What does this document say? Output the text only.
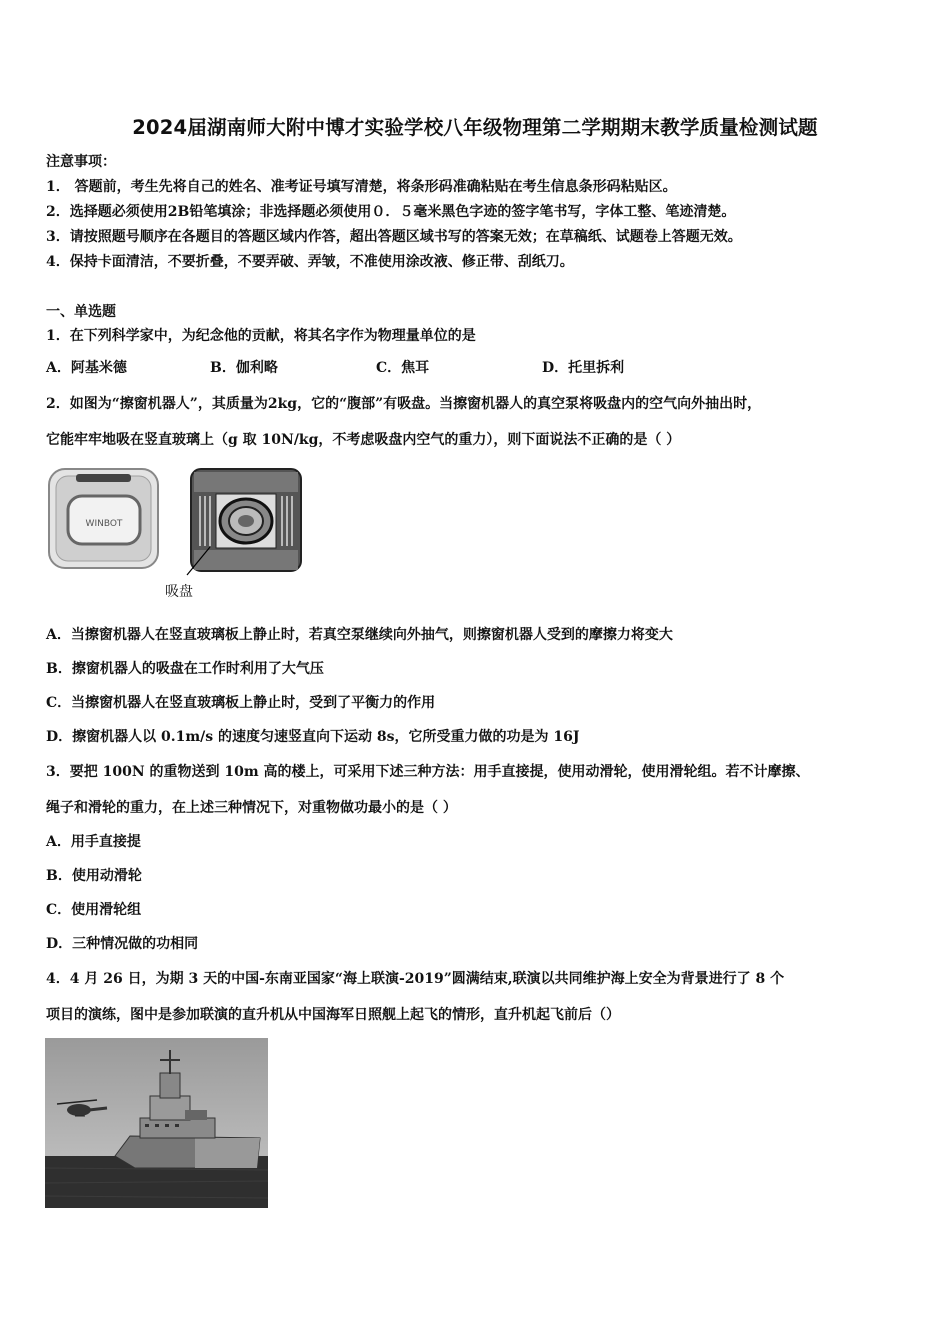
2024届湖南师大附中博才实验学校八年级物理第二学期期末教学质量检测试题
注意事项：
1． 答题前，考生先将自己的姓名、准考证号填写清楚，将条形码准确粘贴在考生信息条形码粘贴区。
2．选择题必须使用2B铅笔填涂；非选择题必须使用０．５毫米黑色字迹的签字笔书写，字体工整、笔迹清楚。
3．请按照题号顺序在各题目的答题区域内作答，超出答题区域书写的答案无效；在草稿纸、试题卷上答题无效。
4．保持卡面清洁，不要折叠，不要弄破、弄皱，不准使用涂改液、修正带、刮纸刀。
一、单选题
1．在下列科学家中，为纪念他的贡献，将其名字作为物理量单位的是
A．阿基米德	B．伽利略	C．焦耳	D．托里拆利
2．如图为“擦窗机器人”，其质量为2kg，它的“腹部”有吸盘。当擦窗机器人的真空泵将吸盘内的空气向外抽出时，
它能牢牢地吸在竖直玻璃上（g 取 10N/kg，不考虑吸盘内空气的重力），则下面说法不正确的是（ ）
WINBOT
吸盘
A．当擦窗机器人在竖直玻璃板上静止时，若真空泵继续向外抽气，则擦窗机器人受到的摩擦力将变大
B．擦窗机器人的吸盘在工作时利用了大气压
C．当擦窗机器人在竖直玻璃板上静止时，受到了平衡力的作用
D．擦窗机器人以 0.1m/s 的速度匀速竖直向下运动 8s，它所受重力做的功是为 16J
3．要把 100N 的重物送到 10m 高的楼上，可采用下述三种方法：用手直接提，使用动滑轮，使用滑轮组。若不计摩擦、
绳子和滑轮的重力，在上述三种情况下，对重物做功最小的是（ ）
A．用手直接提
B．使用动滑轮
C．使用滑轮组
D．三种情况做的功相同
4．4 月 26 日，为期 3 天的中国-东南亚国家“海上联演-2019”圆满结束,联演以共同维护海上安全为背景进行了 8 个
项目的演练，图中是参加联演的直升机从中国海军日照舰上起飞的情形，直升机起飞前后（）
